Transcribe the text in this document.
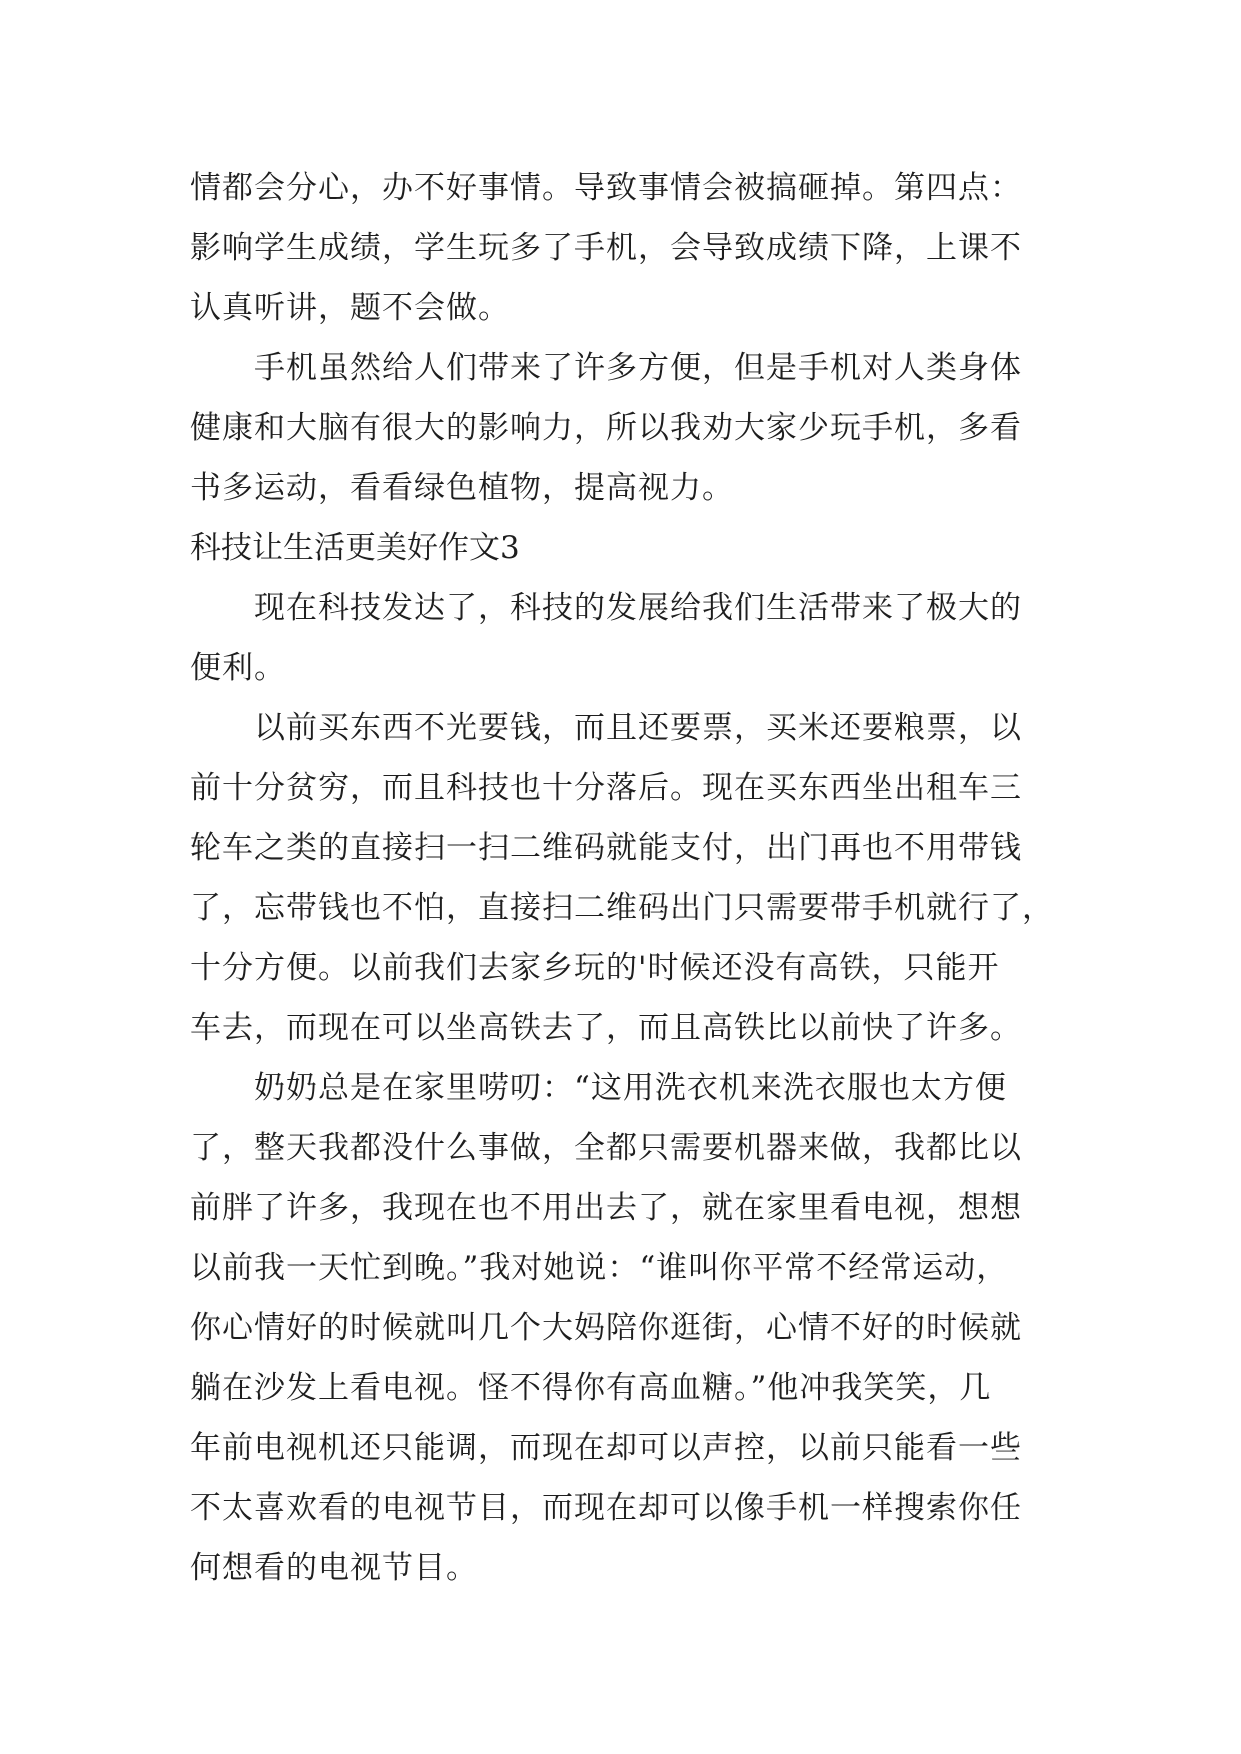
情都会分心，办不好事情。导致事情会被搞砸掉。第四点：
影响学生成绩，学生玩多了手机，会导致成绩下降，上课不
认真听讲，题不会做。
手机虽然给人们带来了许多方便，但是手机对人类身体
健康和大脑有很大的影响力，所以我劝大家少玩手机，多看
书多运动，看看绿色植物，提高视力。
科技让生活更美好作文3
现在科技发达了，科技的发展给我们生活带来了极大的
便利。
以前买东西不光要钱，而且还要票，买米还要粮票，以
前十分贫穷，而且科技也十分落后。现在买东西坐出租车三
轮车之类的直接扫一扫二维码就能支付，出门再也不用带钱
了，忘带钱也不怕，直接扫二维码出门只需要带手机就行了，
十分方便。以前我们去家乡玩的'时候还没有高铁，只能开
车去，而现在可以坐高铁去了，而且高铁比以前快了许多。
奶奶总是在家里唠叨：“这用洗衣机来洗衣服也太方便
了，整天我都没什么事做，全都只需要机器来做，我都比以
前胖了许多，我现在也不用出去了，就在家里看电视，想想
以前我一天忙到晚。”我对她说：“谁叫你平常不经常运动，
你心情好的时候就叫几个大妈陪你逛街，心情不好的时候就
躺在沙发上看电视。怪不得你有高血糖。”他冲我笑笑，几
年前电视机还只能调，而现在却可以声控，以前只能看一些
不太喜欢看的电视节目，而现在却可以像手机一样搜索你任
何想看的电视节目。
